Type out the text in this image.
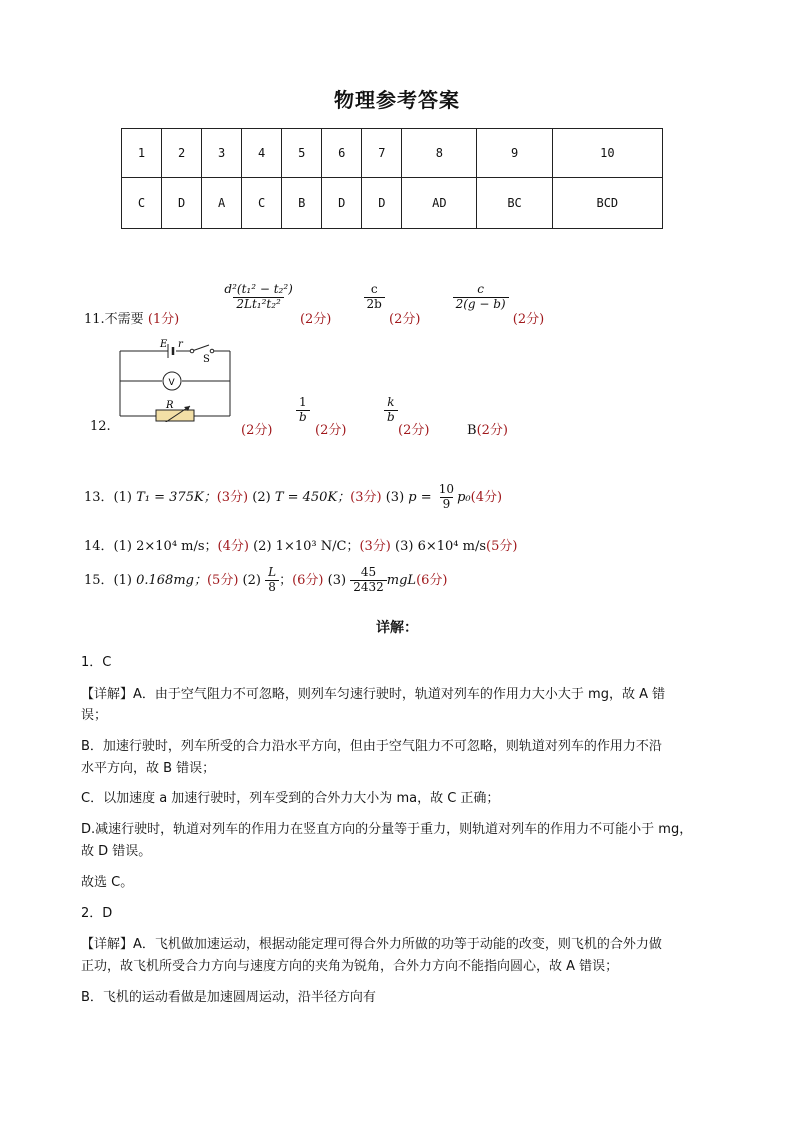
物理参考答案
1	2	3	4	5	6	7	8	9	10
C	D	A	C	B	D	D	AD	BC	BCD
11.不需要 (1分)
$\frac{\text{d²(t₁² − t₂²)}}{\text{2Lt₁²t₂²}}$
(2分)
$\frac{c}{2b}$
(2分)
$\frac{c}{2(g - b)}$
(2分)
E r
S
V
R
12.	(2分)
$\frac{1}{b}$
(2分)
$\frac{k}{b}$
(2分)	B(2分)
13．(1) T₁ = 375K；(3分) (2) T = 450K；(3分) (3) $p = \frac{10}{9} p_0(4$分)
14．(1) 2×10⁴ m/s；(4分) (2) 1×10³ N/C；(3分) (3) 6×10⁴ m/s(5分)
15．(1) 0.168mg；(5分) $(2) \frac{L}{8}$ ；(6分) $(3) \frac{45}{2432} mgL(6$分)
详解：
1．C
【详解】A．由于空气阻力不可忽略，则列车匀速行驶时，轨道对列车的作用力大小大于 mg，故 A 错
误；
B．加速行驶时，列车所受的合力沿水平方向，但由于空气阻力不可忽略，则轨道对列车的作用力不沿
水平方向，故 B 错误；
C．以加速度 a 加速行驶时，列车受到的合外力大小为 ma，故 C 正确；
D.减速行驶时，轨道对列车的作用力在竖直方向的分量等于重力，则轨道对列车的作用力不可能小于 mg，
故 D 错误。
故选 C。
2．D
【详解】A．飞机做加速运动，根据动能定理可得合外力所做的功等于动能的改变，则飞机的合外力做
正功，故飞机所受合力方向与速度方向的夹角为锐角，合外力方向不能指向圆心，故 A 错误；
B．飞机的运动看做是加速圆周运动，沿半径方向有
